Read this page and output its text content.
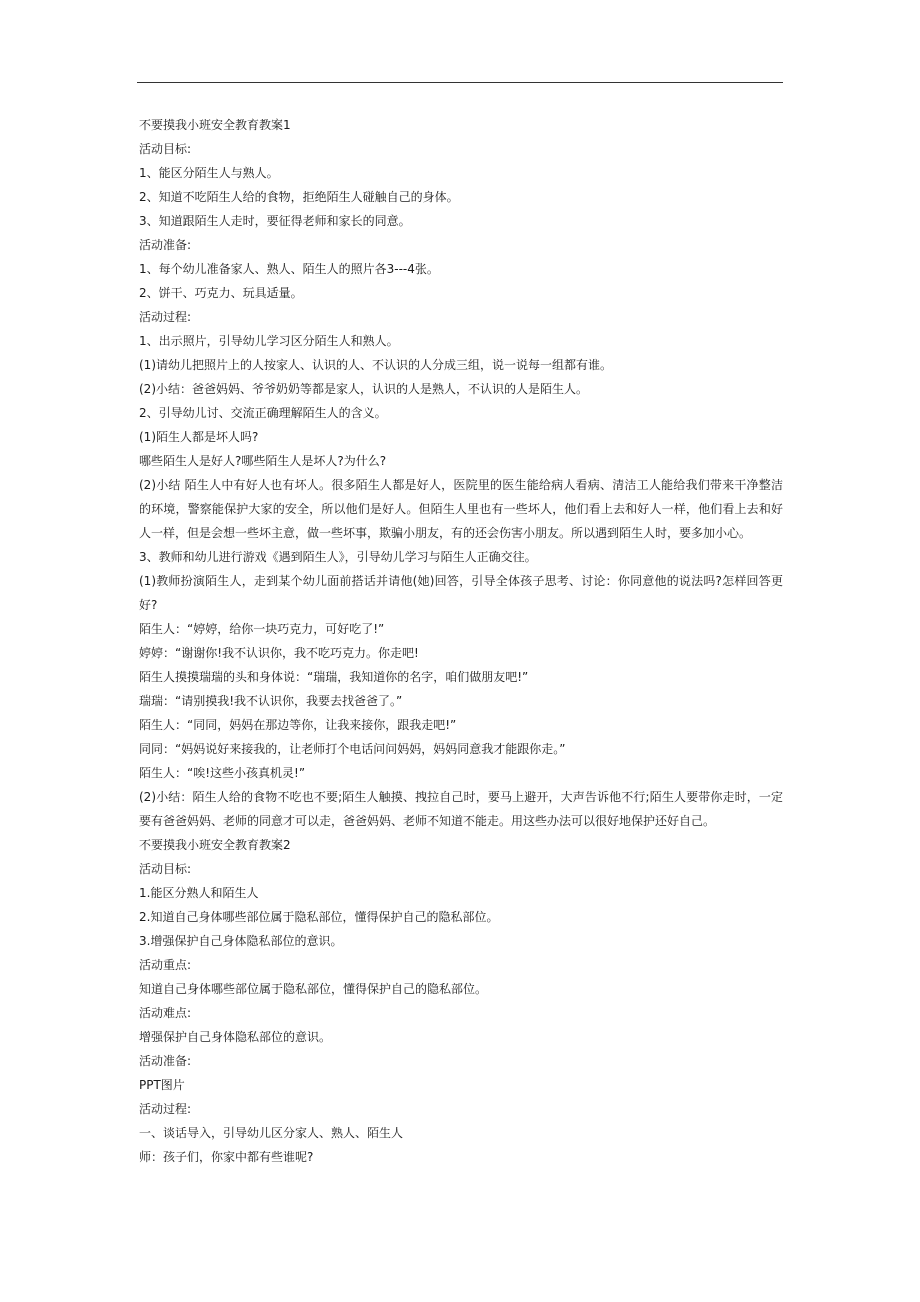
不要摸我小班安全教育教案1

活动目标:

1、能区分陌生人与熟人。

2、知道不吃陌生人给的食物，拒绝陌生人碰触自己的身体。

3、知道跟陌生人走时，要征得老师和家长的同意。

活动准备:

1、每个幼儿准备家人、熟人、陌生人的照片各3---4张。

2、饼干、巧克力、玩具适量。

活动过程:

1、出示照片，引导幼儿学习区分陌生人和熟人。

(1)请幼儿把照片上的人按家人、认识的人、不认识的人分成三组，说一说每一组都有谁。

(2)小结：爸爸妈妈、爷爷奶奶等都是家人，认识的人是熟人，不认识的人是陌生人。

2、引导幼儿讨、交流正确理解陌生人的含义。

(1)陌生人都是坏人吗?

哪些陌生人是好人?哪些陌生人是坏人?为什么?

(2)小结 陌生人中有好人也有坏人。很多陌生人都是好人，医院里的医生能给病人看病、清洁工人能给我们带来干净整洁的环境，警察能保护大家的安全，所以他们是好人。但陌生人里也有一些坏人，他们看上去和好人一样，他们看上去和好人一样，但是会想一些坏主意，做一些坏事，欺骗小朋友，有的还会伤害小朋友。所以遇到陌生人时，要多加小心。

3、教师和幼儿进行游戏《遇到陌生人》，引导幼儿学习与陌生人正确交往。

(1)教师扮演陌生人，走到某个幼儿面前搭话并请他(她)回答，引导全体孩子思考、讨论：你同意他的说法吗?怎样回答更好?

陌生人：“婷婷，给你一块巧克力，可好吃了!”

婷婷：“谢谢你!我不认识你，我不吃巧克力。你走吧!

陌生人摸摸瑞瑞的头和身体说：“瑞瑞，我知道你的名字，咱们做朋友吧!”

瑞瑞：“请别摸我!我不认识你，我要去找爸爸了。”

陌生人：“同同，妈妈在那边等你，让我来接你，跟我走吧!”

同同：“妈妈说好来接我的，让老师打个电话问问妈妈，妈妈同意我才能跟你走。”

陌生人：“唉!这些小孩真机灵!”

(2)小结：陌生人给的食物不吃也不要;陌生人触摸、拽拉自己时，要马上避开，大声告诉他不行;陌生人要带你走时，一定要有爸爸妈妈、老师的同意才可以走，爸爸妈妈、老师不知道不能走。用这些办法可以很好地保护还好自己。

不要摸我小班安全教育教案2

活动目标:

1.能区分熟人和陌生人

2.知道自己身体哪些部位属于隐私部位，懂得保护自己的隐私部位。

3.增强保护自己身体隐私部位的意识。

活动重点:

知道自己身体哪些部位属于隐私部位，懂得保护自己的隐私部位。

活动难点:

增强保护自己身体隐私部位的意识。

活动准备:

PPT图片

活动过程:

一、谈话导入，引导幼儿区分家人、熟人、陌生人

师：孩子们，你家中都有些谁呢?
